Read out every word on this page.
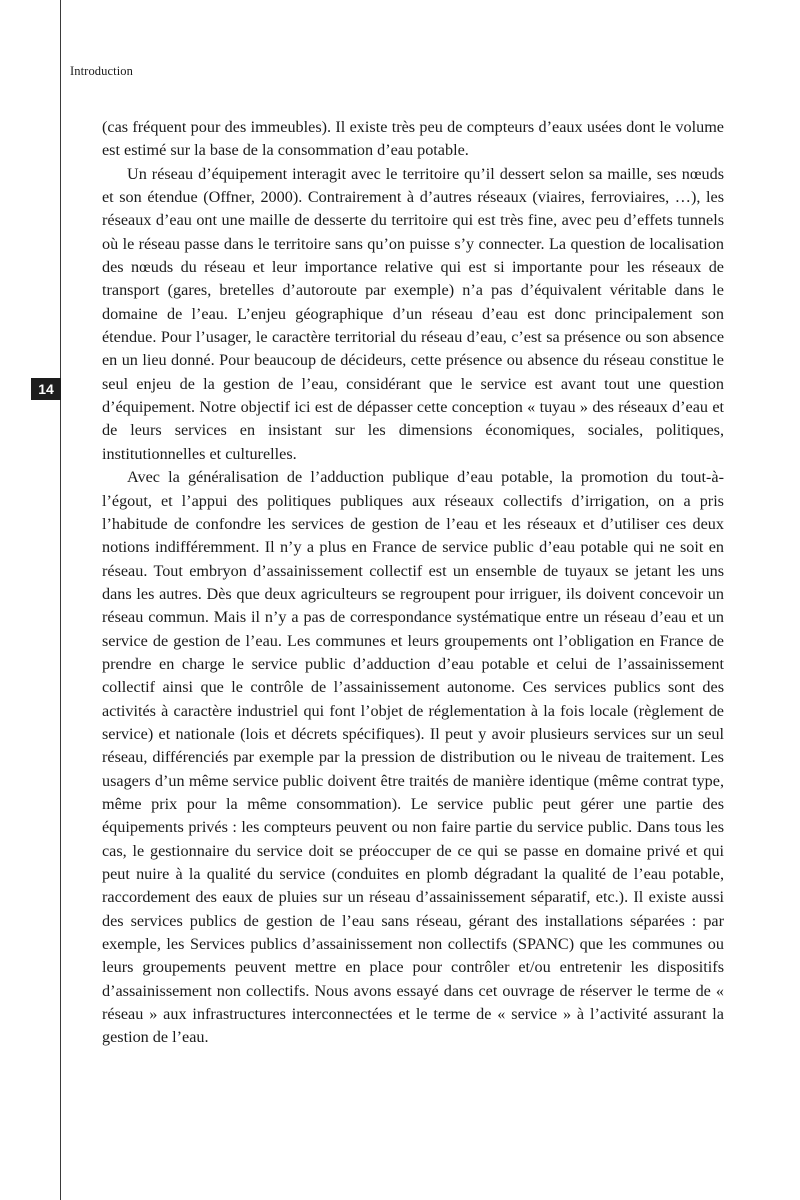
Introduction
14

(cas fréquent pour des immeubles). Il existe très peu de compteurs d’eaux usées dont le volume est estimé sur la base de la consommation d’eau potable.

Un réseau d’équipement interagit avec le territoire qu’il dessert selon sa maille, ses nœuds et son étendue (Offner, 2000). Contrairement à d’autres réseaux (viaires, ferroviaires, …), les réseaux d’eau ont une maille de desserte du territoire qui est très fine, avec peu d’effets tunnels où le réseau passe dans le territoire sans qu’on puisse s’y connecter. La question de localisation des nœuds du réseau et leur importance relative qui est si importante pour les réseaux de transport (gares, bretelles d’autoroute par exemple) n’a pas d’équivalent véritable dans le domaine de l’eau. L’enjeu géographique d’un réseau d’eau est donc principalement son étendue. Pour l’usager, le caractère territorial du réseau d’eau, c’est sa présence ou son absence en un lieu donné. Pour beaucoup de décideurs, cette présence ou absence du réseau constitue le seul enjeu de la gestion de l’eau, considérant que le service est avant tout une question d’équipement. Notre objectif ici est de dépasser cette conception « tuyau » des réseaux d’eau et de leurs services en insistant sur les dimensions économiques, sociales, politiques, institutionnelles et culturelles.

Avec la généralisation de l’adduction publique d’eau potable, la promotion du tout-à-l’égout, et l’appui des politiques publiques aux réseaux collectifs d’irrigation, on a pris l’habitude de confondre les services de gestion de l’eau et les réseaux et d’utiliser ces deux notions indifféremment. Il n’y a plus en France de service public d’eau potable qui ne soit en réseau. Tout embryon d’assainissement collectif est un ensemble de tuyaux se jetant les uns dans les autres. Dès que deux agriculteurs se regroupent pour irriguer, ils doivent concevoir un réseau commun. Mais il n’y a pas de correspondance systématique entre un réseau d’eau et un service de gestion de l’eau. Les communes et leurs groupements ont l’obligation en France de prendre en charge le service public d’adduction d’eau potable et celui de l’assainissement collectif ainsi que le contrôle de l’assainissement autonome. Ces services publics sont des activités à caractère industriel qui font l’objet de réglementation à la fois locale (règlement de service) et nationale (lois et décrets spécifiques). Il peut y avoir plusieurs services sur un seul réseau, différenciés par exemple par la pression de distribution ou le niveau de traitement. Les usagers d’un même service public doivent être traités de manière identique (même contrat type, même prix pour la même consommation). Le service public peut gérer une partie des équipements privés : les compteurs peuvent ou non faire partie du service public. Dans tous les cas, le gestionnaire du service doit se préoccuper de ce qui se passe en domaine privé et qui peut nuire à la qualité du service (conduites en plomb dégradant la qualité de l’eau potable, raccordement des eaux de pluies sur un réseau d’assainissement séparatif, etc.). Il existe aussi des services publics de gestion de l’eau sans réseau, gérant des installations séparées : par exemple, les Services publics d’assainissement non collectifs (SPANC) que les communes ou leurs groupements peuvent mettre en place pour contrôler et/ou entretenir les dispositifs d’assainissement non collectifs. Nous avons essayé dans cet ouvrage de réserver le terme de « réseau » aux infrastructures interconnectées et le terme de « service » à l’activité assurant la gestion de l’eau.
